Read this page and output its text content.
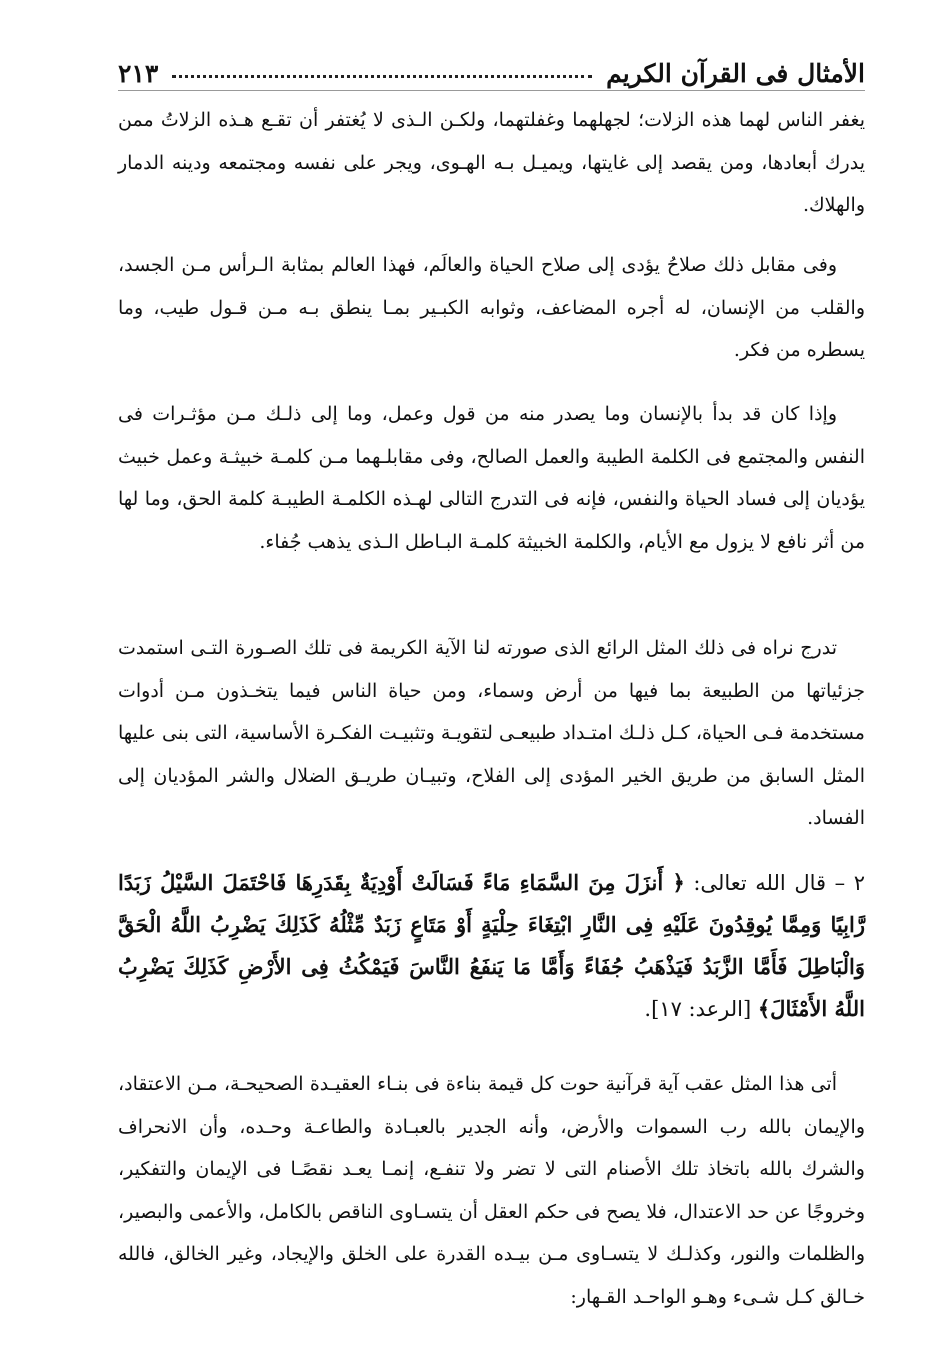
الأمثال فى القرآن الكريم
٢١٣

يغفر الناس لهما هذه الزلات؛ لجهلهما وغفلتهما، ولكـن الـذى لا يُغتفر أن تقـع هـذه الزلاتُ ممن يدرك أبعادها، ومن يقصد إلى غايتها، ويميـل بـه الهـوى، ويجر على نفسه ومجتمعه ودينه الدمار والهلاك.

وفى مقابل ذلك صلاحُ يؤدى إلى صلاح الحياة والعالَم، فهذا العالم بمثابة الـرأس مـن الجسد، والقلب من الإنسان، له أجره المضاعف، وثوابه الكبـير بمـا ينطق بـه مـن قـول طيب، وما يسطره من فكر.

وإذا كان قد بدأ بالإنسان وما يصدر منه من قول وعمل، وما إلى ذلـك مـن مؤثـرات فى النفس والمجتمع فى الكلمة الطيبة والعمل الصالح، وفى مقابلـهما مـن كلمـة خبيثـة وعمل خبيث يؤديان إلى فساد الحياة والنفس، فإنه فى التدرج التالى لهـذه الكلمـة الطيبـة كلمة الحق، وما لها من أثر نافع لا يزول مع الأيام، والكلمة الخبيثة كلمـة البـاطل الـذى يذهب جُفاء.

تدرج نراه فى ذلك المثل الرائع الذى صورته لنا الآية الكريمة فى تلك الصـورة التـى استمدت جزئياتها من الطبيعة بما فيها من أرض وسماء، ومن حياة الناس فيما يتخـذون مـن أدوات مستخدمة فـى الحياة، كـل ذلـك امتـداد طبيعـى لتقويـة وتثبيـت الفكـرة الأساسية، التى بنى عليها المثل السابق من طريق الخير المؤدى إلى الفلاح، وتبيـان طريـق الضلال والشر المؤديان إلى الفساد.

٢ – قال الله تعالى: ﴿ أَنزَلَ مِنَ السَّمَاءِ مَاءً فَسَالَتْ أَوْدِيَةٌ بِقَدَرِهَا فَاحْتَمَلَ السَّيْلُ زَبَدًا رَّابِيًا وَمِمَّا يُوقِدُونَ عَلَيْهِ فِى النَّارِ ابْتِغَاءَ حِلْيَةٍ أَوْ مَتَاعٍ زَبَدٌ مِّثْلُهُ كَذَلِكَ يَضْرِبُ اللَّهُ الْحَقَّ وَالْبَاطِلَ فَأَمَّا الزَّبَدُ فَيَذْهَبُ جُفَاءً وَأَمَّا مَا يَنفَعُ النَّاسَ فَيَمْكُثُ فِى الأَرْضِ كَذَلِكَ يَضْرِبُ اللَّهُ الأَمْثَالَ﴾ [الرعد: ١٧].

أتى هذا المثل عقب آية قرآنية حوت كل قيمة بناءة فى بنـاء العقيـدة الصحيحـة، مـن الاعتقاد، والإيمان بالله رب السموات والأرض، وأنه الجدير بالعبـادة والطاعـة وحـده، وأن الانحراف والشرك بالله باتخاذ تلك الأصنام التى لا تضر ولا تنفـع، إنمـا يعـد نقصًـا فى الإيمان والتفكير، وخروجًا عن حد الاعتدال، فلا يصح فى حكم العقل أن يتسـاوى الناقص بالكامل، والأعمى والبصير، والظلمات والنور، وكذلـك لا يتسـاوى مـن بيـده القدرة على الخلق والإيجاد، وغير الخالق، فالله خـالق كـل شـىء وهـو الواحـد القـهار:
